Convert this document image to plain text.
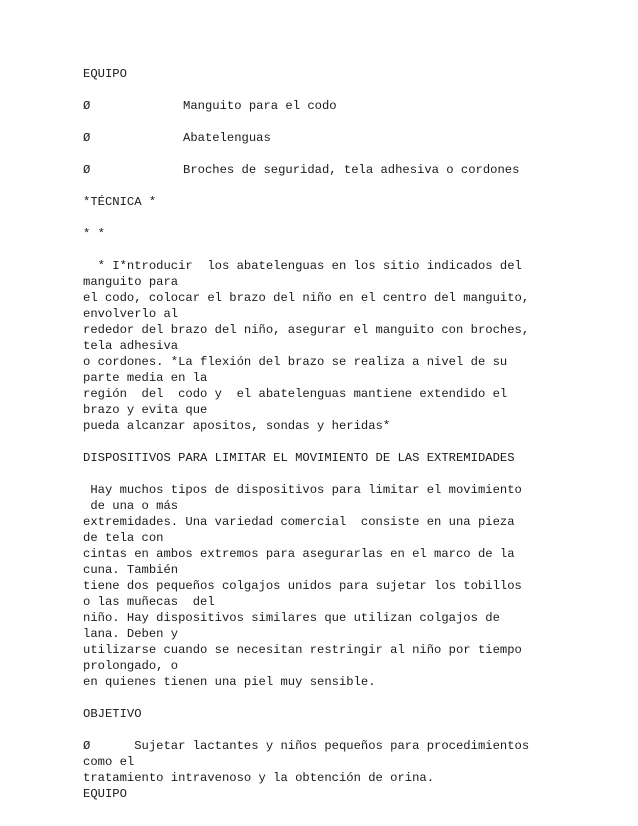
EQUIPO
Ø	Manguito para el codo
Ø	Abatelenguas
Ø	Broches de seguridad, tela adhesiva o cordones
*TÉCNICA *
* *
* I*ntroducir  los abatelenguas en los sitio indicados del
manguito para
el codo, colocar el brazo del niño en el centro del manguito,
envolverlo al
rededor del brazo del niño, asegurar el manguito con broches,
tela adhesiva
o cordones. *La flexión del brazo se realiza a nivel de su
parte media en la
región  del  codo y  el abatelenguas mantiene extendido el
brazo y evita que
pueda alcanzar apositos, sondas y heridas*
DISPOSITIVOS PARA LIMITAR EL MOVIMIENTO DE LAS EXTREMIDADES
Hay muchos tipos de dispositivos para limitar el movimiento
de una o más
extremidades. Una variedad comercial  consiste en una pieza
de tela con
cintas en ambos extremos para asegurarlas en el marco de la
cuna. También
tiene dos pequeños colgajos unidos para sujetar los tobillos
o las muñecas  del
niño. Hay dispositivos similares que utilizan colgajos de
lana. Deben y
utilizarse cuando se necesitan restringir al niño por tiempo
prolongado, o
en quienes tienen una piel muy sensible.
OBJETIVO
Ø      Sujetar lactantes y niños pequeños para procedimientos
como el
tratamiento intravenoso y la obtención de orina.
EQUIPO
